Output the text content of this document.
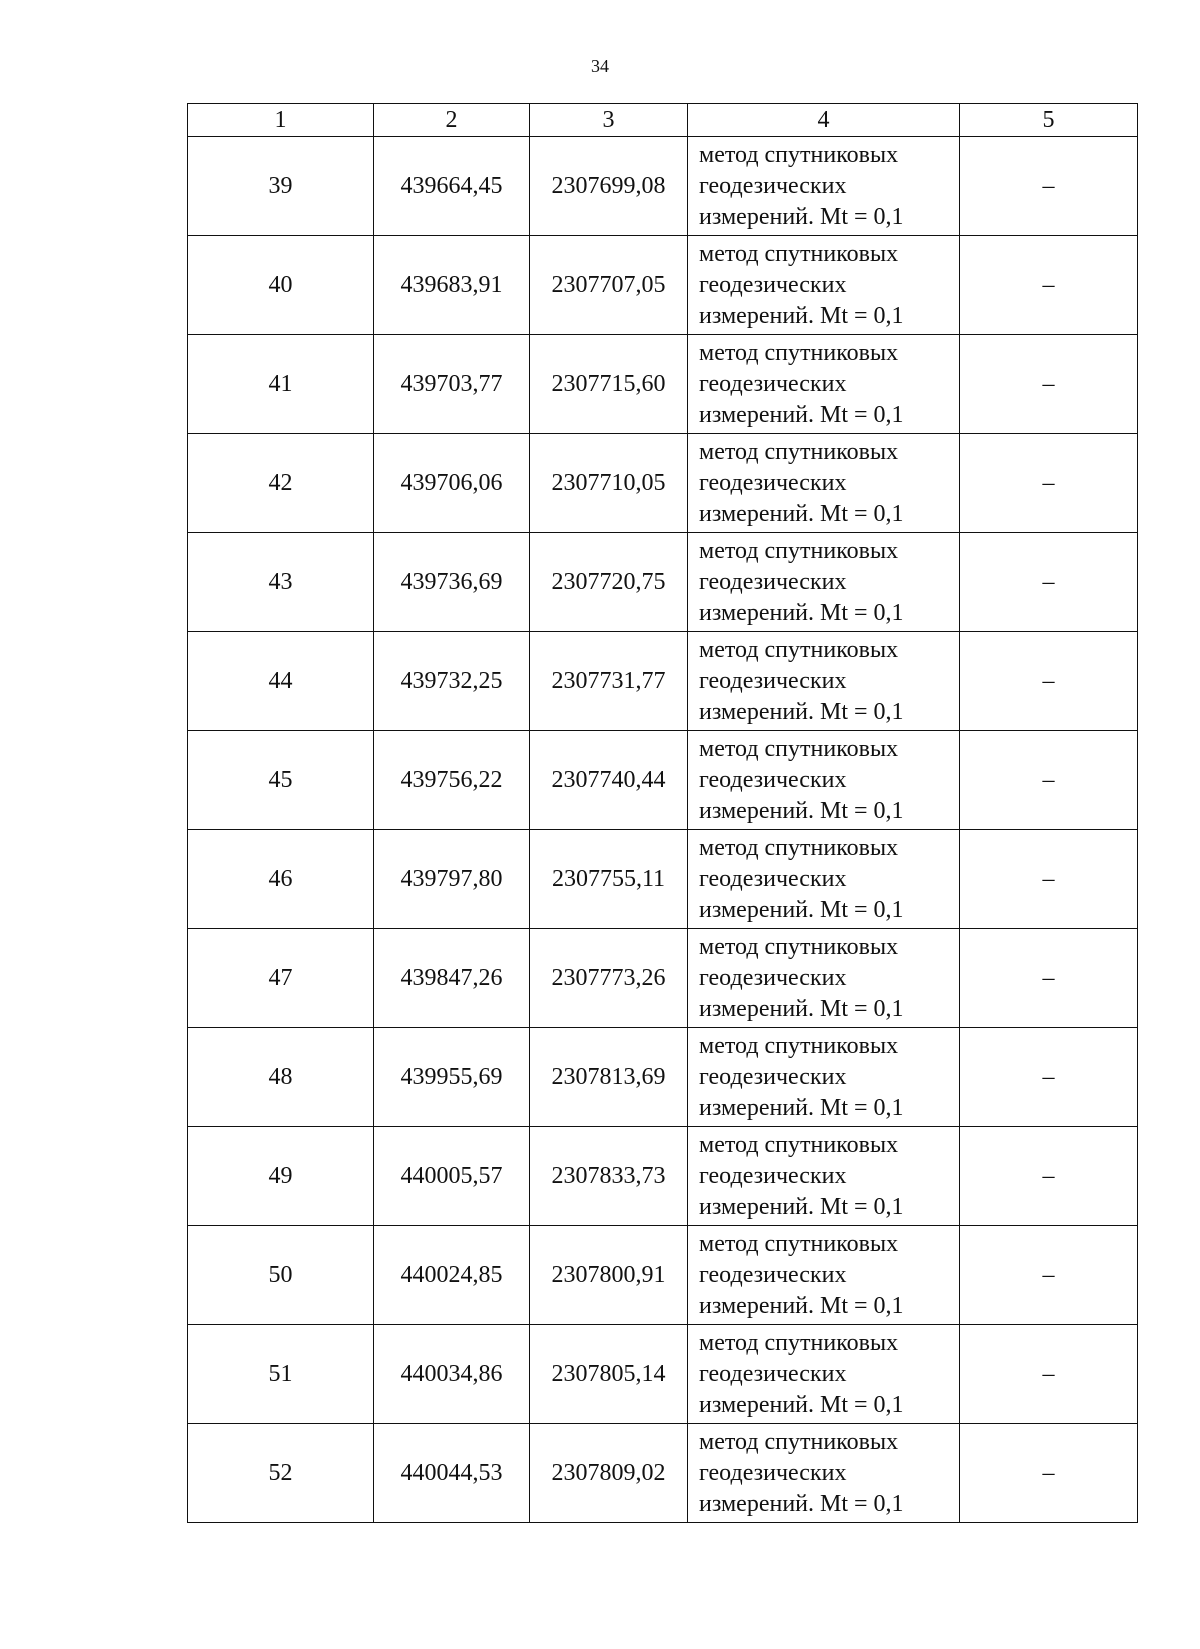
34
1	2	3	4	5
39	439664,45	2307699,08	метод спутниковых
геодезических
измерений. Mt = 0,1	–
40	439683,91	2307707,05	метод спутниковых
геодезических
измерений. Mt = 0,1	–
41	439703,77	2307715,60	метод спутниковых
геодезических
измерений. Mt = 0,1	–
42	439706,06	2307710,05	метод спутниковых
геодезических
измерений. Mt = 0,1	–
43	439736,69	2307720,75	метод спутниковых
геодезических
измерений. Mt = 0,1	–
44	439732,25	2307731,77	метод спутниковых
геодезических
измерений. Mt = 0,1	–
45	439756,22	2307740,44	метод спутниковых
геодезических
измерений. Mt = 0,1	–
46	439797,80	2307755,11	метод спутниковых
геодезических
измерений. Mt = 0,1	–
47	439847,26	2307773,26	метод спутниковых
геодезических
измерений. Mt = 0,1	–
48	439955,69	2307813,69	метод спутниковых
геодезических
измерений. Mt = 0,1	–
49	440005,57	2307833,73	метод спутниковых
геодезических
измерений. Mt = 0,1	–
50	440024,85	2307800,91	метод спутниковых
геодезических
измерений. Mt = 0,1	–
51	440034,86	2307805,14	метод спутниковых
геодезических
измерений. Mt = 0,1	–
52	440044,53	2307809,02	метод спутниковых
геодезических
измерений. Mt = 0,1	–
